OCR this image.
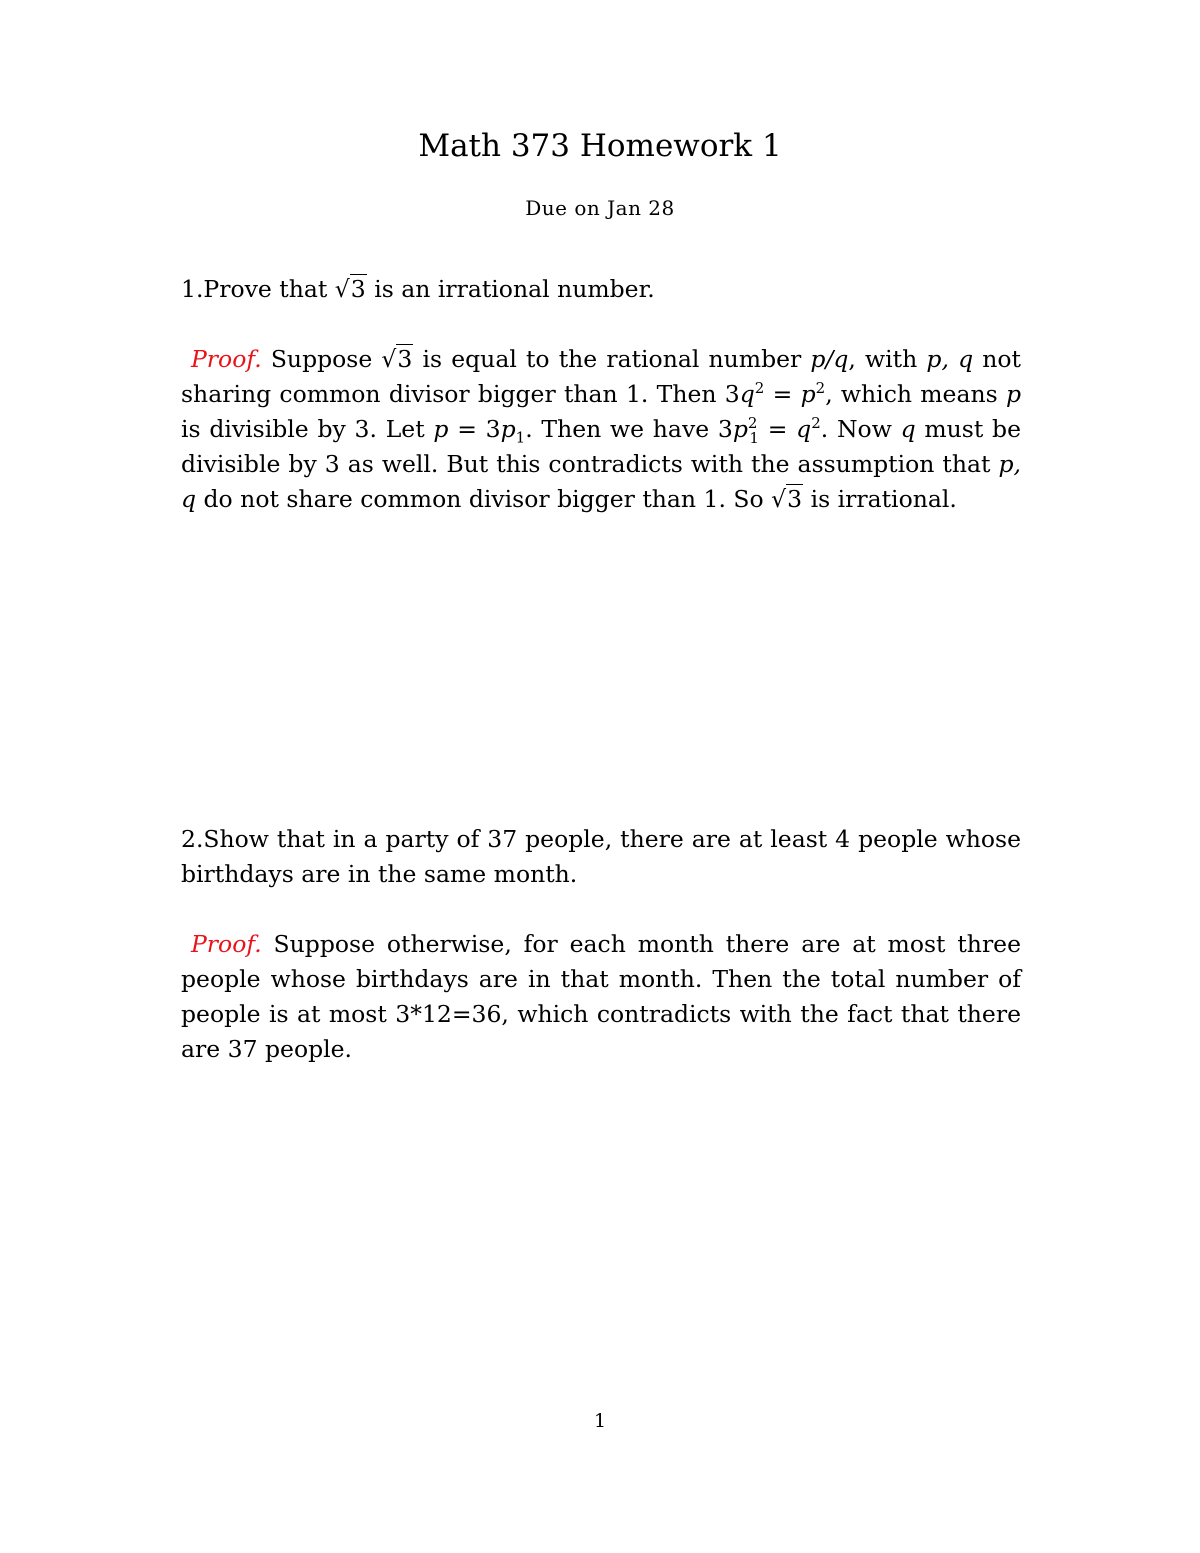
Math 373 Homework 1
Due on Jan 28
1.Prove that √3 is an irrational number.
Proof. Suppose √3 is equal to the rational number p/q, with p, q not sharing common divisor bigger than 1. Then $3q^2 = p^2$, which means p is divisible by 3. Let $p = 3p_1$. Then we have $3p^2_1 = q^2$. Now q must be divisible by 3 as well. But this contradicts with the assumption that p, q do not share common divisor bigger than 1. So √3 is irrational.
2.Show that in a party of 37 people, there are at least 4 people whose birthdays are in the same month.
Proof. Suppose otherwise, for each month there are at most three people whose birthdays are in that month. Then the total number of people is at most 3*12=36, which contradicts with the fact that there are 37 people.
1
